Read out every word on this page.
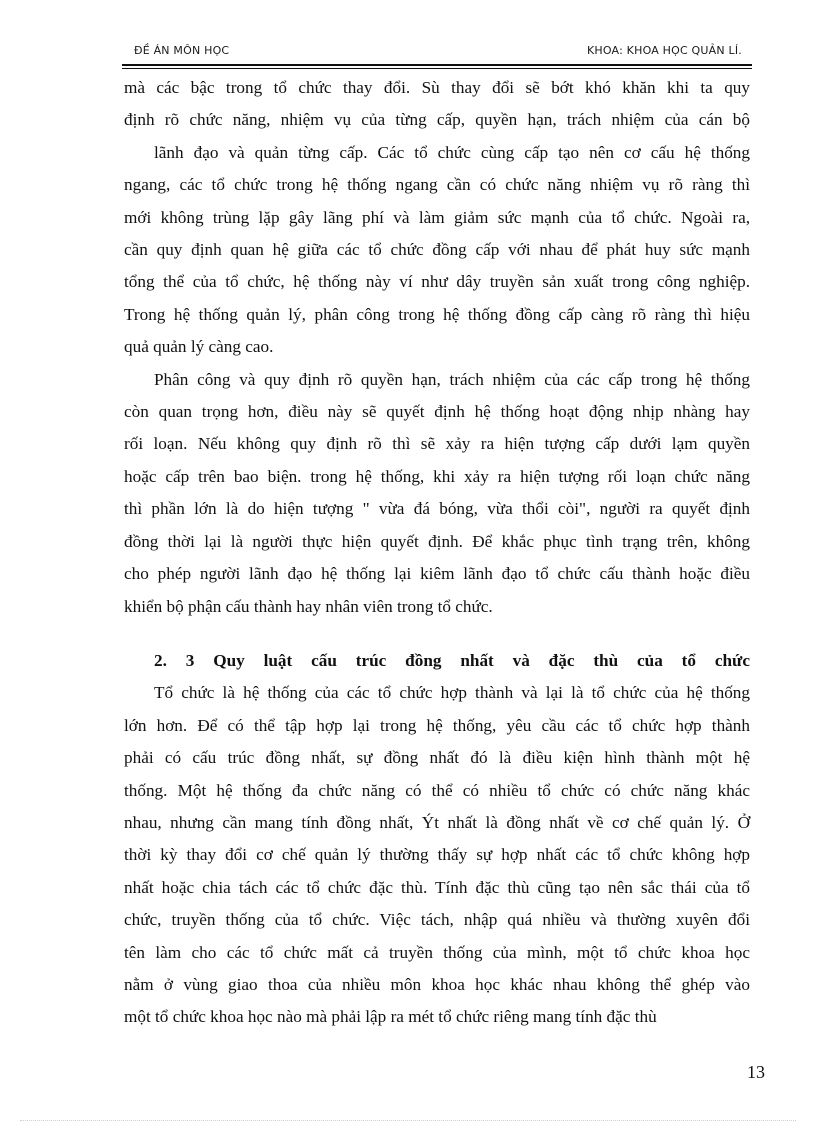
ĐỀ ÁN MÔN HỌC	KHOA: KHOA HỌC QUẢN LÍ.

mà các bậc trong tổ chức thay đổi. Sù thay đổi sẽ bớt khó khăn khi ta quy

định rõ chức năng, nhiệm vụ của từng cấp, quyền hạn, trách nhiệm của cán bộ

lãnh đạo và quản từng cấp. Các tổ chức cùng cấp tạo nên cơ cấu hệ thống

ngang, các tổ chức trong hệ thống ngang cần có chức năng nhiệm vụ rõ ràng thì

mới không trùng lặp gây lãng phí và làm giảm sức mạnh của tổ chức. Ngoài ra,

cần quy định quan hệ giữa các tổ chức đồng cấp với nhau để phát huy sức mạnh

tổng thể của tổ chức, hệ thống này ví như dây truyền sản xuất trong công nghiệp.

Trong hệ thống quản lý, phân công trong hệ thống đồng cấp càng rõ ràng thì hiệu

quả quản lý càng cao.

Phân công và quy định rõ quyền hạn, trách nhiệm của các cấp trong hệ thống

còn quan trọng hơn, điều này sẽ quyết định hệ thống hoạt động nhịp nhàng hay

rối loạn. Nếu không quy định rõ thì sẽ xảy ra hiện tượng cấp dưới lạm quyền

hoặc cấp trên bao biện. trong hệ thống, khi xảy ra hiện tượng rối loạn chức năng

thì phần lớn là do hiện tượng " vừa đá bóng, vừa thổi còi", người ra quyết định

đồng thời lại là người thực hiện quyết định. Để khắc phục tình trạng trên, không

cho phép người lãnh đạo hệ thống lại kiêm lãnh đạo tổ chức cấu thành hoặc điều

khiển bộ phận cấu thành hay nhân viên trong tổ chức.

2. 3 Quy luật cấu trúc đồng nhất và đặc thù của tổ chức

Tổ chức là hệ thống của các tổ chức hợp thành và lại là tổ chức của hệ thống

lớn hơn. Để có thể tập hợp lại trong hệ thống, yêu cầu các tổ chức hợp thành

phải có cấu trúc đồng nhất, sự đồng nhất đó là điều kiện hình thành một hệ

thống. Một hệ thống đa chức năng có thể có nhiều tổ chức có chức năng khác

nhau, nhưng cần mang tính đồng nhất, Ýt nhất là đồng nhất về cơ chế quản lý. Ở

thời kỳ thay đổi cơ chế quản lý thường thấy sự hợp nhất các tổ chức không hợp

nhất hoặc chia tách các tổ chức đặc thù. Tính đặc thù cũng tạo nên sắc thái của tổ

chức, truyền thống của tổ chức. Việc tách, nhập quá nhiều và thường xuyên đổi

tên làm cho các tổ chức mất cả truyền thống của mình, một tổ chức khoa học

nằm ở vùng giao thoa của nhiều môn khoa học khác nhau không thể ghép vào

một tổ chức khoa học nào mà phải lập ra mét tổ chức riêng mang tính đặc thù

13
